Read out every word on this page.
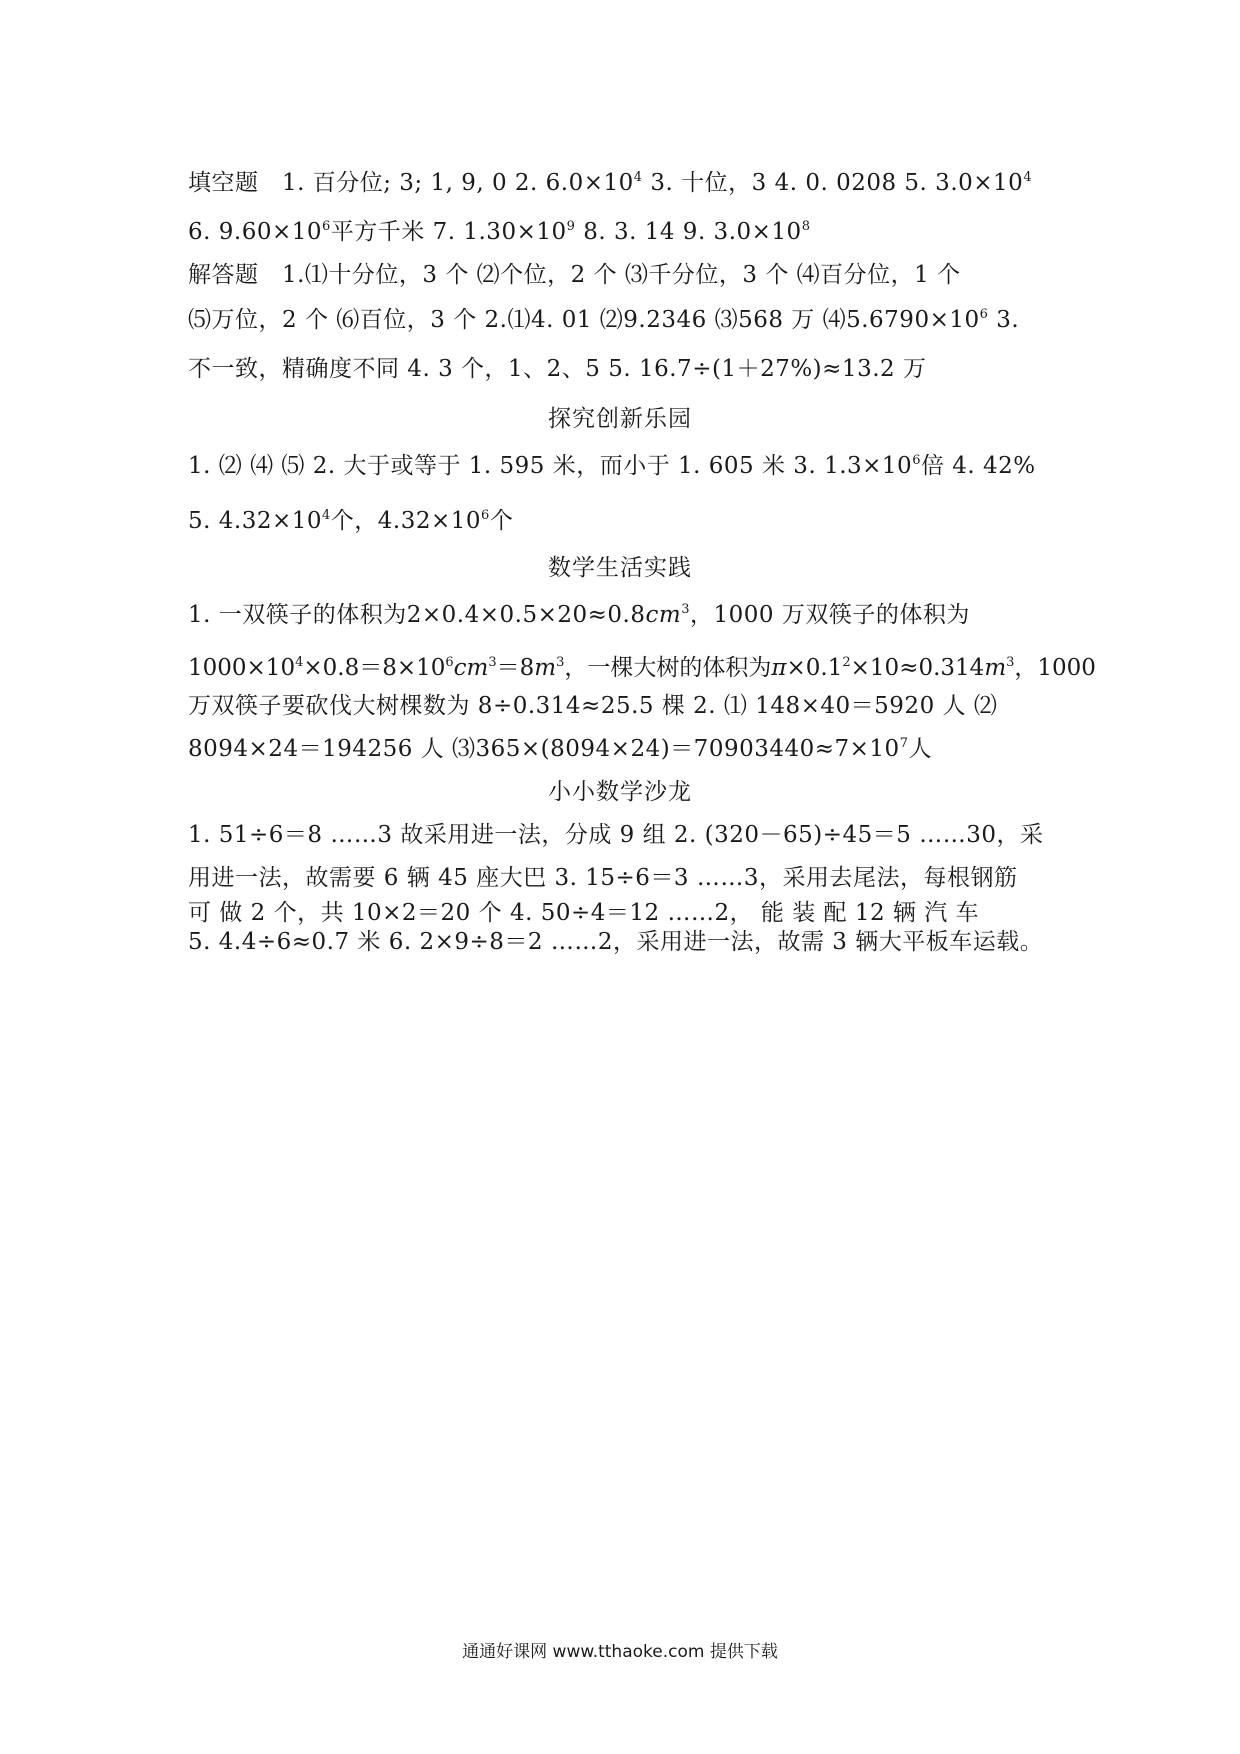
填空题 1. 百分位; 3; 1, 9, 0 2. $6.0\times 10^4$ 3. 十位，3 4. 0. 0208 5. $3.0\times 10^4$
6. $9.60\times 10^6$平方千米 7. $1.30\times 10^9$ 8. 3. 14 9. $3.0\times 10^8$
解答题 1.⑴十分位，3 个 ⑵个位，2 个 ⑶千分位，3 个 ⑷百分位，1 个
⑸万位，2 个 ⑹百位，3 个 2.⑴4. 01 ⑵9.2346 ⑶568 万 $⑷5.6790\times 10^6$ 3.
不一致，精确度不同 4. 3 个，1、2、5 5. 16.7÷(1＋27%)≈13.2 万
探究创新乐园
1. ⑵ ⑷ ⑸ 2. 大于或等于 1. 595 米，而小于 1. 605 米 3. $1.3\times 10^6$倍 4. 42%
5. $4.32\times 10^4$个，$4.32\times 10^6$个
数学生活实践
1. 一双筷子的体积为$2\times 0.4\times 0.5\times 20\approx 0.8cm^3$，1000 万双筷子的体积为
$1000\times 10^4\times 0.8=8\times 10^6cm^3=8m^3$，一棵大树的体积为$\pi\times 0.1^2\times 10\approx 0.314m^3$，1000
万双筷子要砍伐大树棵数为 8÷0.314≈25.5 棵 2. ⑴ 148×40＝5920 人 ⑵
8094×24＝194256 人 $⑶365\times(8094\times 24)=70903440\approx 7\times 10^7$人
小小数学沙龙
1. 51÷6＝8 ……3 故采用进一法，分成 9 组 2. (320－65)÷45＝5 ……30，采
用进一法，故需要 6 辆 45 座大巴 3. 15÷6＝3 ……3，采用去尾法，每根钢筋
可 做 2 个，共 10×2＝20 个 4. 50÷4＝12 ……2， 能 装 配 12 辆 汽 车
5. 4.4÷6≈0.7 米 6. 2×9÷8＝2 ……2，采用进一法，故需 3 辆大平板车运载。
通通好课网 www.tthaoke.com 提供下载
